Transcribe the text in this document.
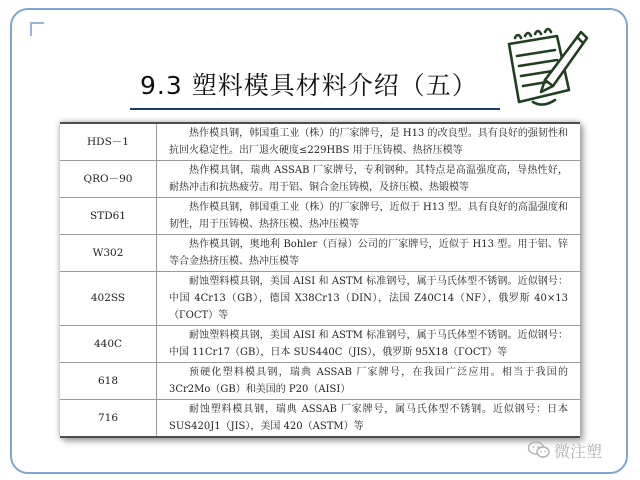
9.3 塑料模具材料介绍（五）
HDS－1	热作模具钢，韩国重工业（株）的厂家牌号，是 H13 的改良型。具有良好的强韧性和抗回火稳定性。出厂退火硬度≤229HBS 用于压铸模、热挤压模等
QRO－90	热作模具钢，瑞典 ASSAB 厂家牌号，专利钢种。其特点是高温强度高，导热性好，耐热冲击和抗热疲劳。用于铝、铜合金压铸模，及挤压模、热锻模等
STD61	热作模具钢，韩国重工业（株）的厂家牌号，近似于 H13 型。具有良好的高温强度和韧性，用于压铸模、热挤压模、热冲压模等
W302	热作模具钢，奥地利 Bohler（百禄）公司的厂家牌号，近似于 H13 型。用于铝、锌等合金热挤压模、热冲压模等
402SS	耐蚀塑料模具钢，美国 AISI 和 ASTM 标准钢号，属于马氏体型不锈钢。近似钢号：中国 4Cr13（GB），德国 X38Cr13（DIN），法国 Z40C14（NF），俄罗斯 40×13（ГОСТ）等
440C	耐蚀塑料模具钢，美国 AISI 和 ASTM 标准钢号，属于马氏体型不锈钢。近似钢号：中国 11Cr17（GB），日本 SUS440C（JIS），俄罗斯 95X18（ГОСТ）等
618	预硬化塑料模具钢，瑞典 ASSAB 厂家牌号，在我国广泛应用。相当于我国的 3Cr2Mo（GB）和美国的 P20（AISI）
716	耐蚀塑料模具钢，瑞典 ASSAB 厂家牌号，属马氏体型不锈钢。近似钢号：日本 SUS420J1（JIS），美国 420（ASTM）等
微注塑
